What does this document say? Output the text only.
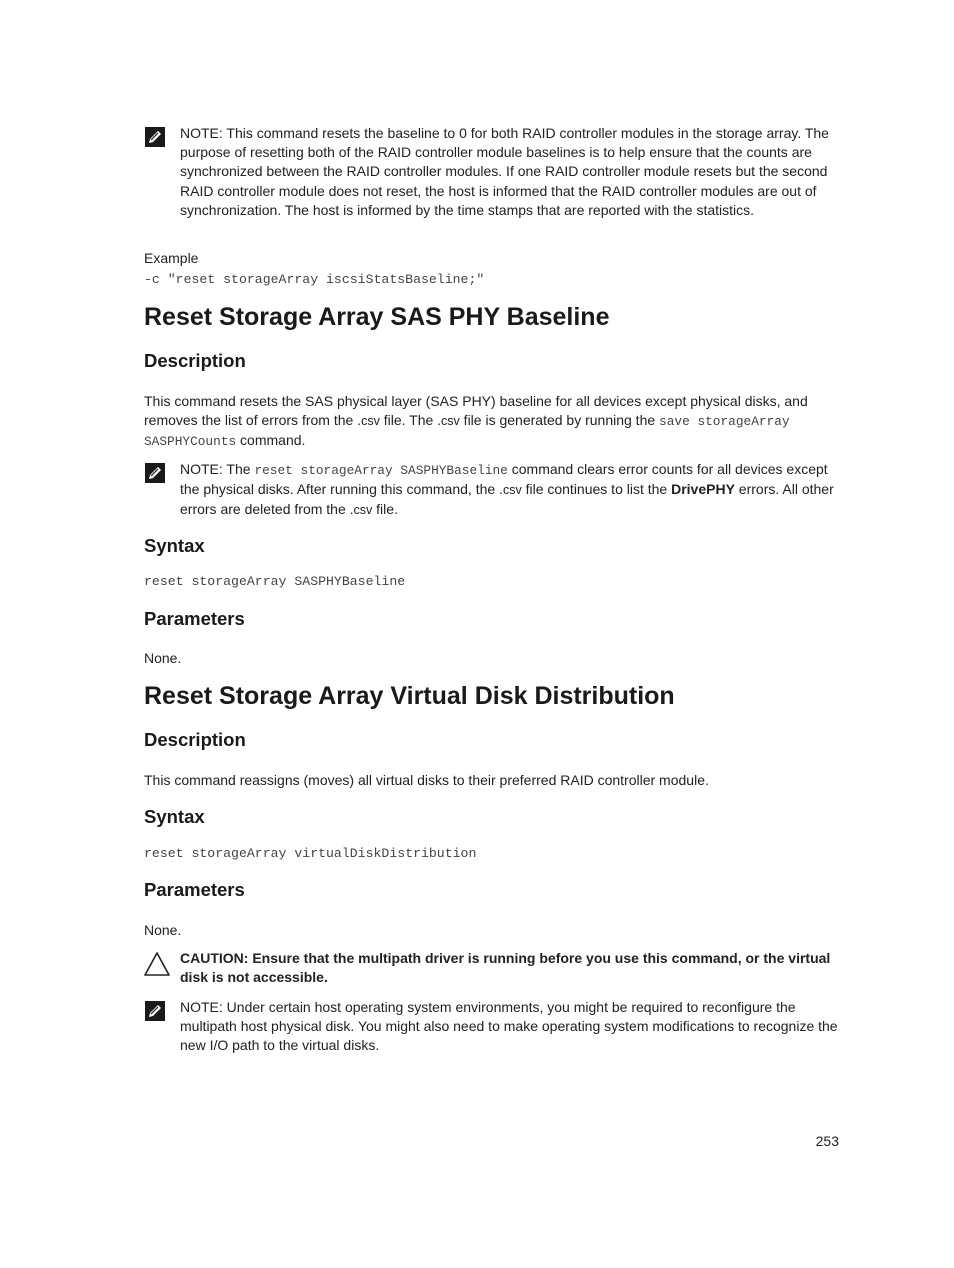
NOTE: This command resets the baseline to 0 for both RAID controller modules in the storage array. The purpose of resetting both of the RAID controller module baselines is to help ensure that the counts are synchronized between the RAID controller modules. If one RAID controller module resets but the second RAID controller module does not reset, the host is informed that the RAID controller modules are out of synchronization. The host is informed by the time stamps that are reported with the statistics.
Example
-c "reset storageArray iscsiStatsBaseline;"
Reset Storage Array SAS PHY Baseline
Description
This command resets the SAS physical layer (SAS PHY) baseline for all devices except physical disks, and removes the list of errors from the .csv file. The .csv file is generated by running the save storageArray SASPHYCounts command.
NOTE: The reset storageArray SASPHYBaseline command clears error counts for all devices except the physical disks. After running this command, the .csv file continues to list the DrivePHY errors. All other errors are deleted from the .csv file.
Syntax
reset storageArray SASPHYBaseline
Parameters
None.
Reset Storage Array Virtual Disk Distribution
Description
This command reassigns (moves) all virtual disks to their preferred RAID controller module.
Syntax
reset storageArray virtualDiskDistribution
Parameters
None.
CAUTION: Ensure that the multipath driver is running before you use this command, or the virtual disk is not accessible.
NOTE: Under certain host operating system environments, you might be required to reconfigure the multipath host physical disk. You might also need to make operating system modifications to recognize the new I/O path to the virtual disks.
253
